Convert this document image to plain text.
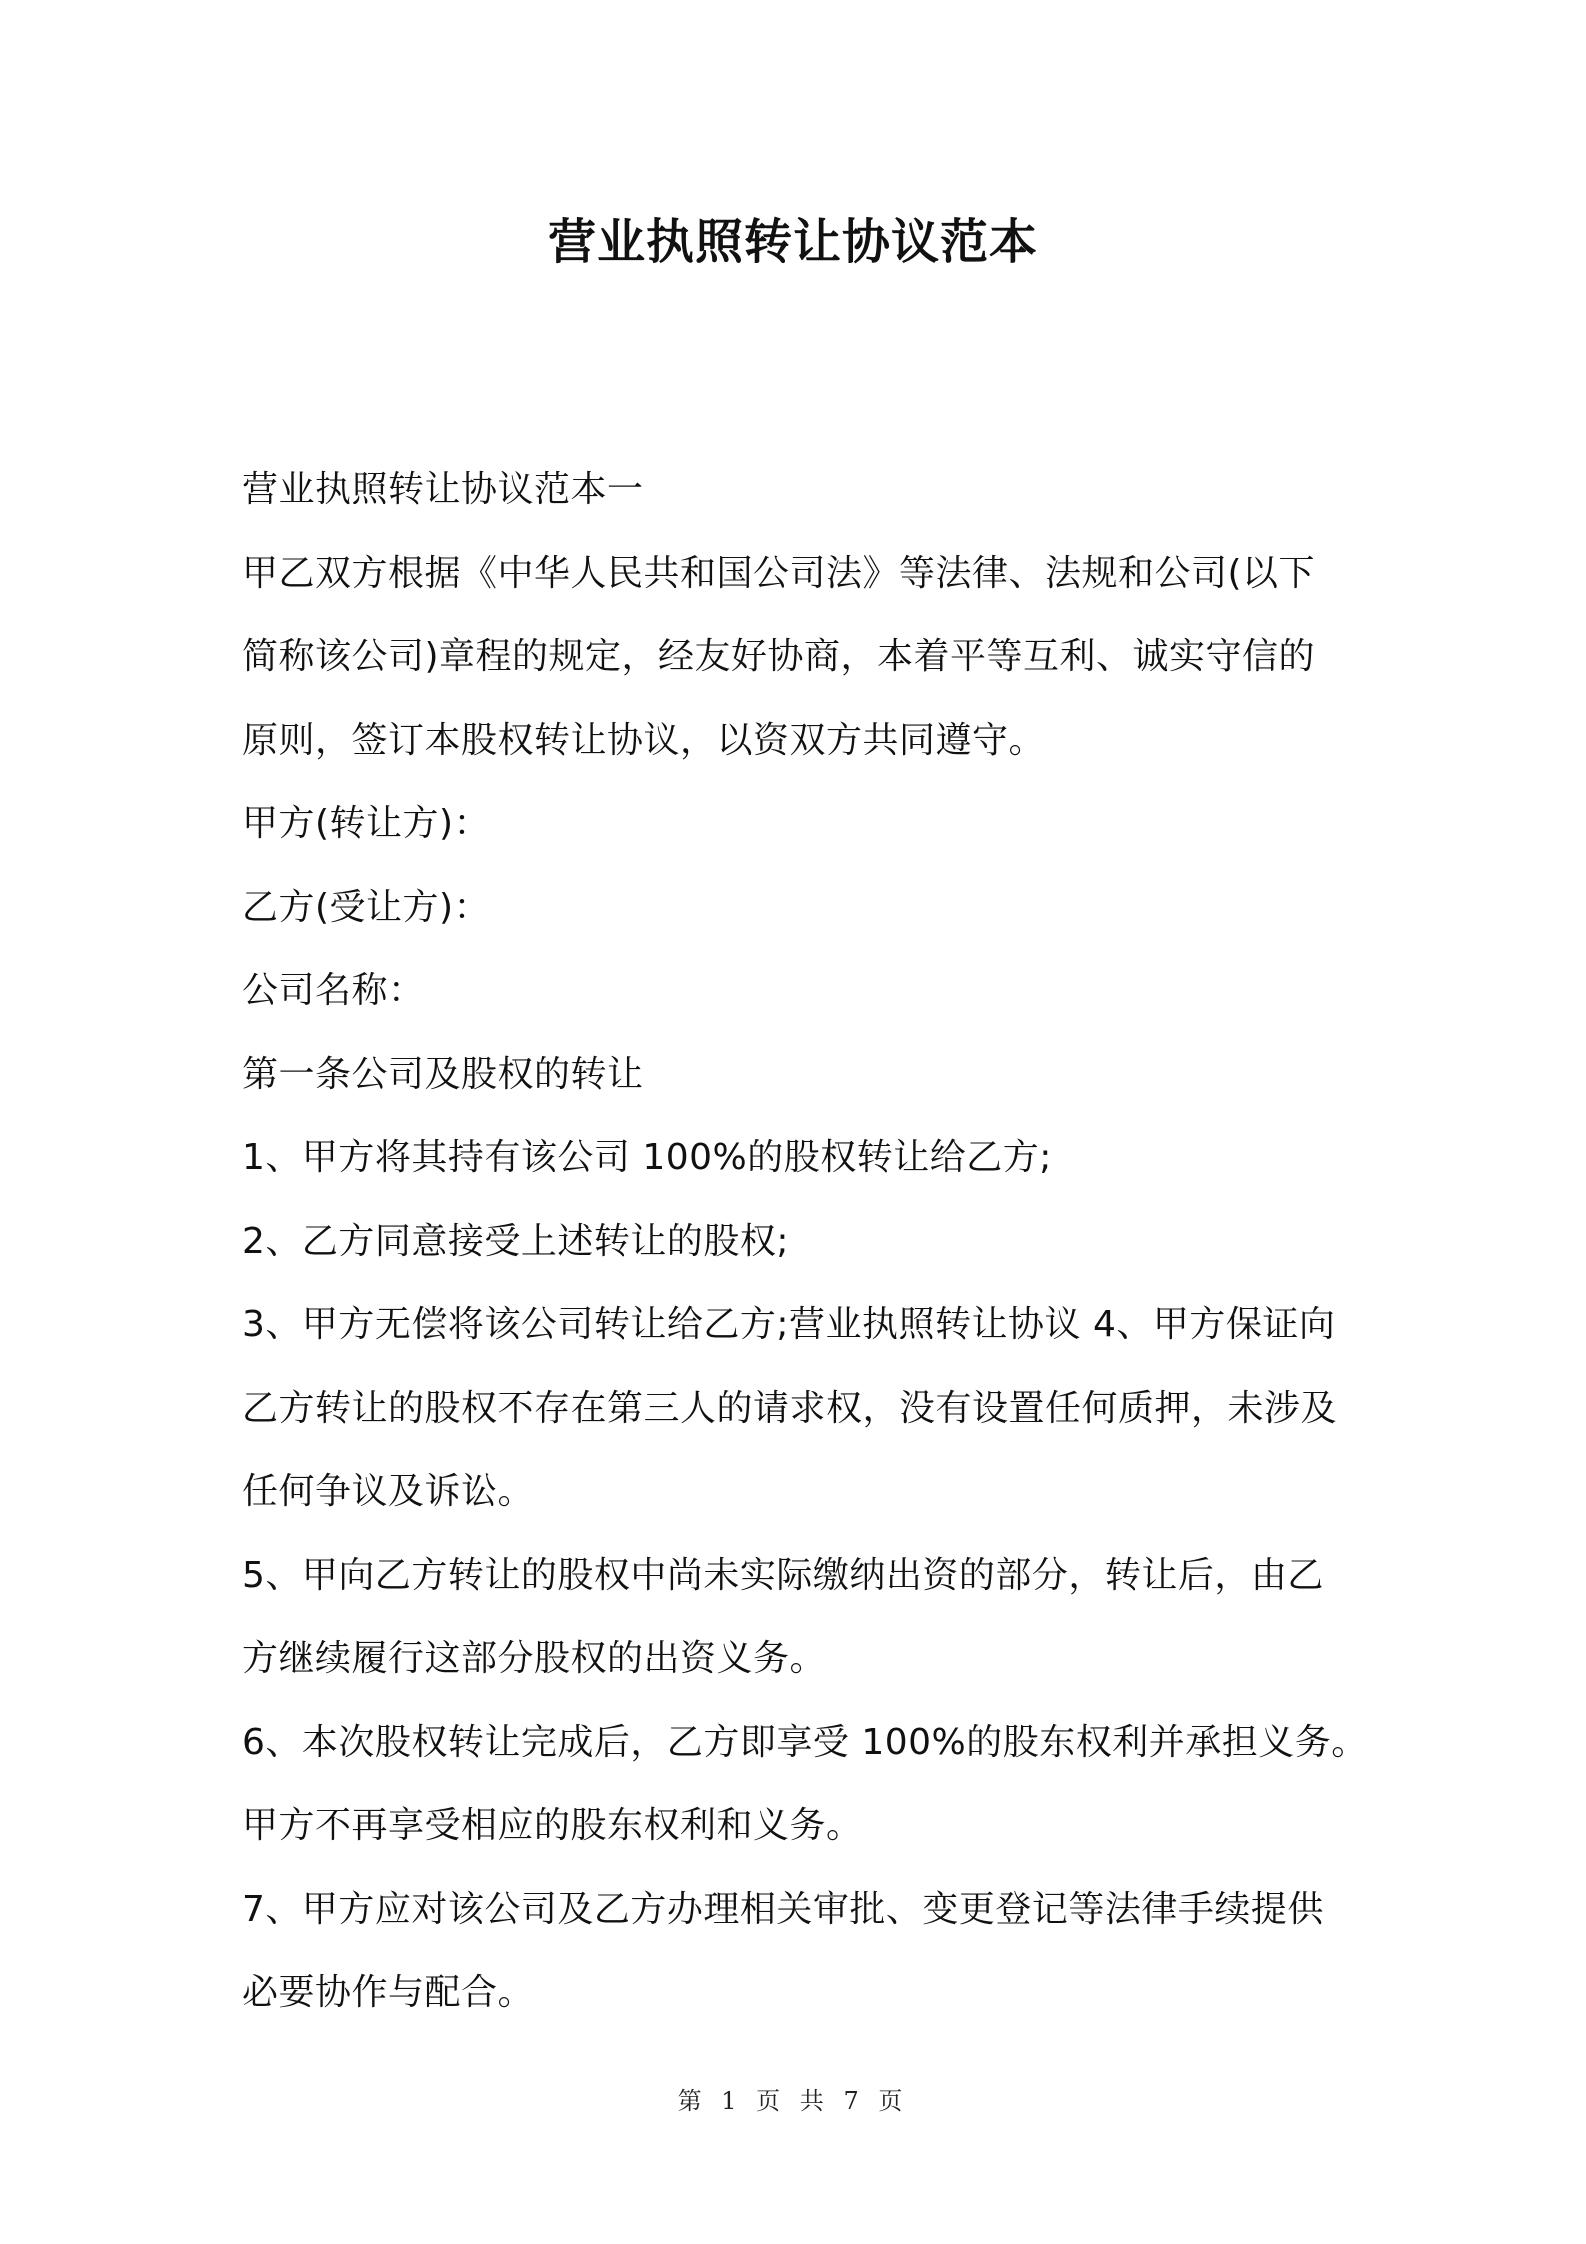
营业执照转让协议范本

营业执照转让协议范本一

甲乙双方根据《中华人民共和国公司法》等法律、法规和公司(以下

简称该公司)章程的规定，经友好协商，本着平等互利、诚实守信的

原则，签订本股权转让协议，以资双方共同遵守。

甲方(转让方)：

乙方(受让方)：

公司名称：

第一条公司及股权的转让

1、甲方将其持有该公司 100%的股权转让给乙方;

2、乙方同意接受上述转让的股权;

3、甲方无偿将该公司转让给乙方;营业执照转让协议 4、甲方保证向

乙方转让的股权不存在第三人的请求权，没有设置任何质押，未涉及

任何争议及诉讼。

5、甲向乙方转让的股权中尚未实际缴纳出资的部分，转让后，由乙

方继续履行这部分股权的出资义务。

6、本次股权转让完成后，乙方即享受 100%的股东权利并承担义务。

甲方不再享受相应的股东权利和义务。

7、甲方应对该公司及乙方办理相关审批、变更登记等法律手续提供

必要协作与配合。

第 1 页 共 7 页
